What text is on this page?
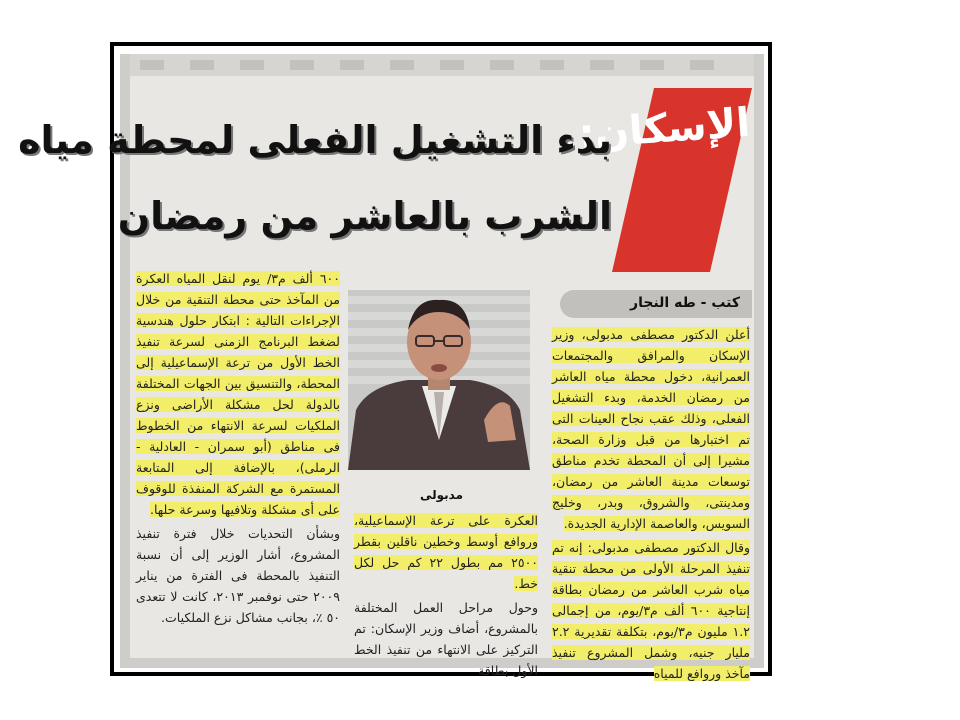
الإسكان:
بدء التشغيل الفعلى لمحطة مياه
الشرب بالعاشر من رمضان
كتب - طه النجار

أعلن الدكتور مصطفى مدبولى، وزير الإسكان والمرافق والمجتمعات العمرانية، دخول محطة مياه العاشر من رمضان الخدمة، وبدء التشغيل الفعلى، وذلك عقب نجاح العينات التى تم اختبارها من قبل وزارة الصحة، مشيرا إلى أن المحطة تخدم مناطق توسعات مدينة العاشر من رمضان، ومدينتى، والشروق، وبدر، وخليج السويس، والعاصمة الإدارية الجديدة.

وقال الدكتور مصطفى مدبولى: إنه تم تنفيذ المرحلة الأولى من محطة تنقية مياه شرب العاشر من رمضان بطاقة إنتاجية ٦٠٠ ألف م٣/يوم، من إجمالى ١.٢ مليون م٣/يوم، بتكلفة تقديرية ٢.٢ مليار جنيه، وشمل المشروع تنفيذ مآخذ وروافع للمياه

مدبولى

العكرة على ترعة الإسماعيلية، وروافع أوسط وخطين ناقلين بقطر ٢٥٠٠ مم بطول ٢٢ كم حل لكل خط.

وحول مراحل العمل المختلفة بالمشروع، أضاف وزير الإسكان: تم التركيز على الانتهاء من تنفيذ الخط الأول بطاقة

٦٠٠ ألف م٣/ يوم لنقل المياه العكرة من المآخذ حتى محطة التنقية من خلال الإجراءات التالية : ابتكار حلول هندسية لضغط البرنامج الزمنى لسرعة تنفيذ الخط الأول من ترعة الإسماعيلية إلى المحطة، والتنسيق بين الجهات المختلفة بالدولة لحل مشكلة الأراضى ونزع الملكيات لسرعة الانتهاء من الخطوط فى مناطق (أبو سمران - العادلية - الرملى)، بالإضافة إلى المتابعة المستمرة مع الشركة المنفذة للوقوف على أى مشكلة وتلافيها وسرعة حلها.

وبشأن التحديات خلال فترة تنفيذ المشروع، أشار الوزير إلى أن نسبة التنفيذ بالمحطة فى الفترة من يناير ٢٠٠٩ حتى نوفمبر ٢٠١٣، كانت لا تتعدى ٥٠ ٪، بجانب مشاكل نزع الملكيات.
